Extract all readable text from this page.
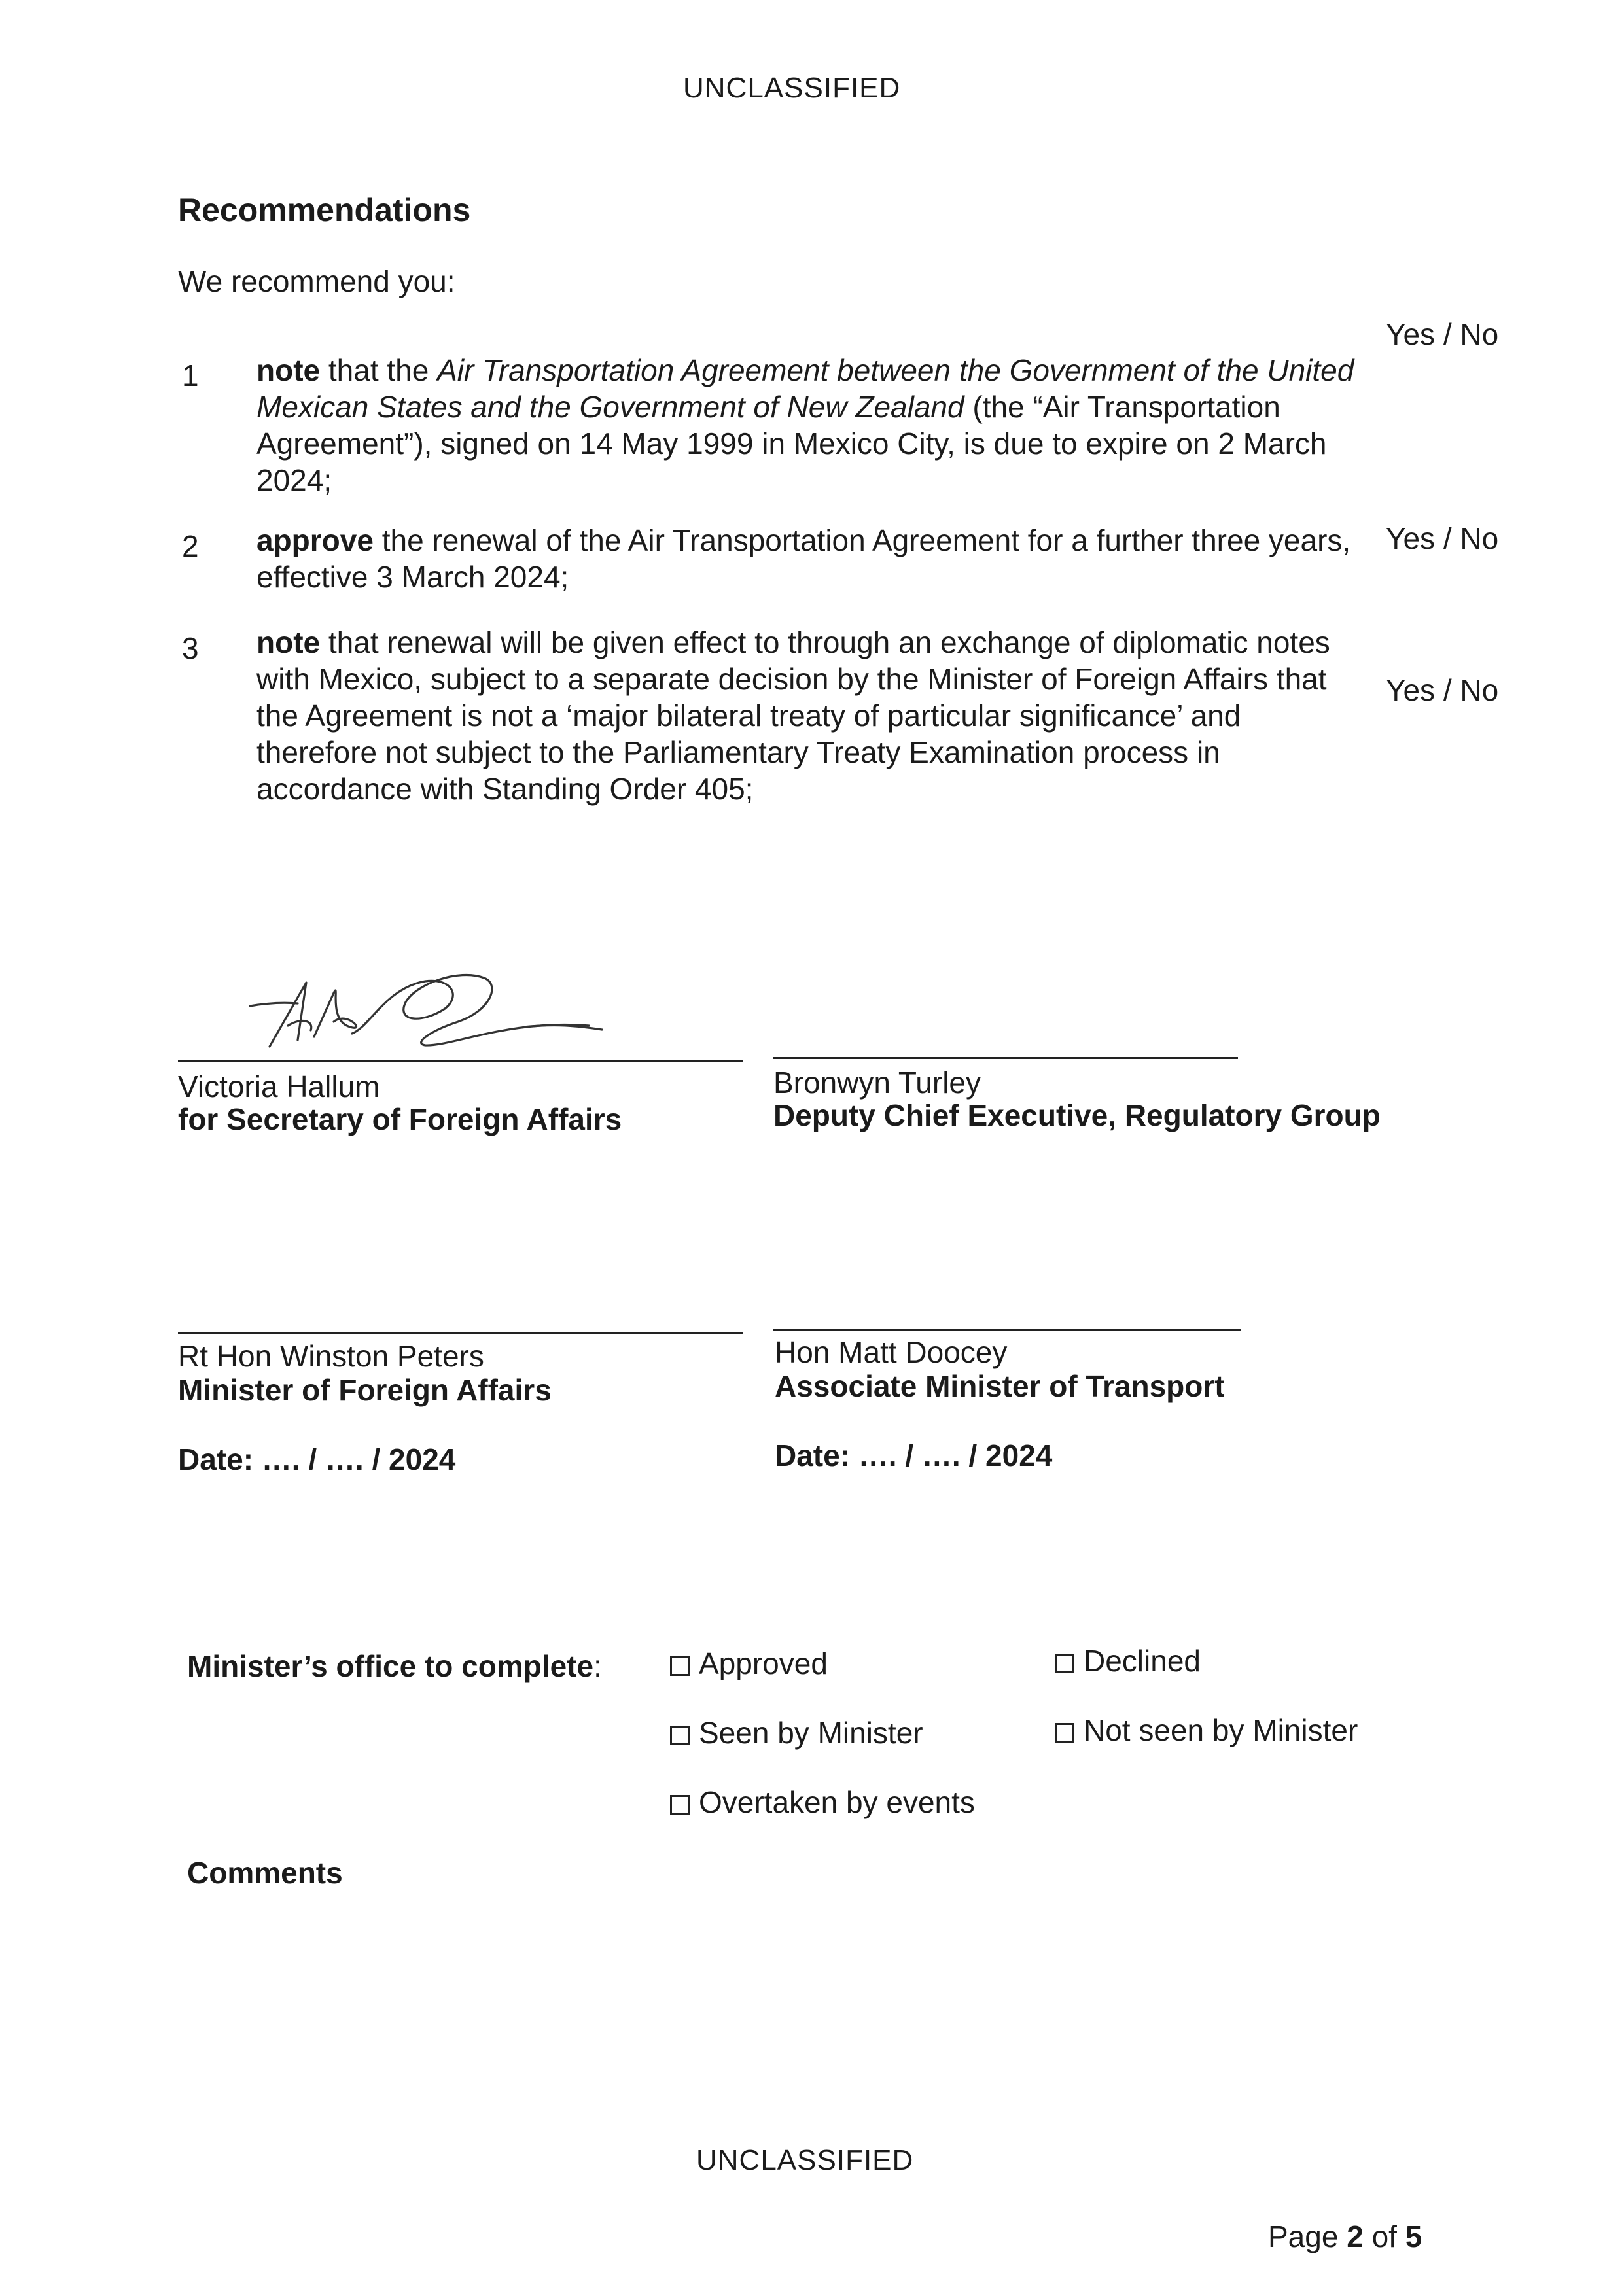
UNCLASSIFIED
Recommendations
We recommend you:
Yes / No
1 note that the Air Transportation Agreement between the Government of the United Mexican States and the Government of New Zealand (the “Air Transportation Agreement”), signed on 14 May 1999 in Mexico City, is due to expire on 2 March 2024;
Yes / No
2 approve the renewal of the Air Transportation Agreement for a further three years, effective 3 March 2024;
Yes / No
3 note that renewal will be given effect to through an exchange of diplomatic notes with Mexico, subject to a separate decision by the Minister of Foreign Affairs that the Agreement is not a ‘major bilateral treaty of particular significance’ and therefore not subject to the Parliamentary Treaty Examination process in accordance with Standing Order 405;
Victoria Hallum
for Secretary of Foreign Affairs
Bronwyn Turley
Deputy Chief Executive, Regulatory Group
Rt Hon Winston Peters
Minister of Foreign Affairs
Date: …. / …. / 2024
Hon Matt Doocey
Associate Minister of Transport
Date: …. / …. / 2024
Minister’s office to complete:	Approved	Declined
Seen by Minister	Not seen by Minister
Overtaken by events
Comments
UNCLASSIFIED
Page 2 of 5
